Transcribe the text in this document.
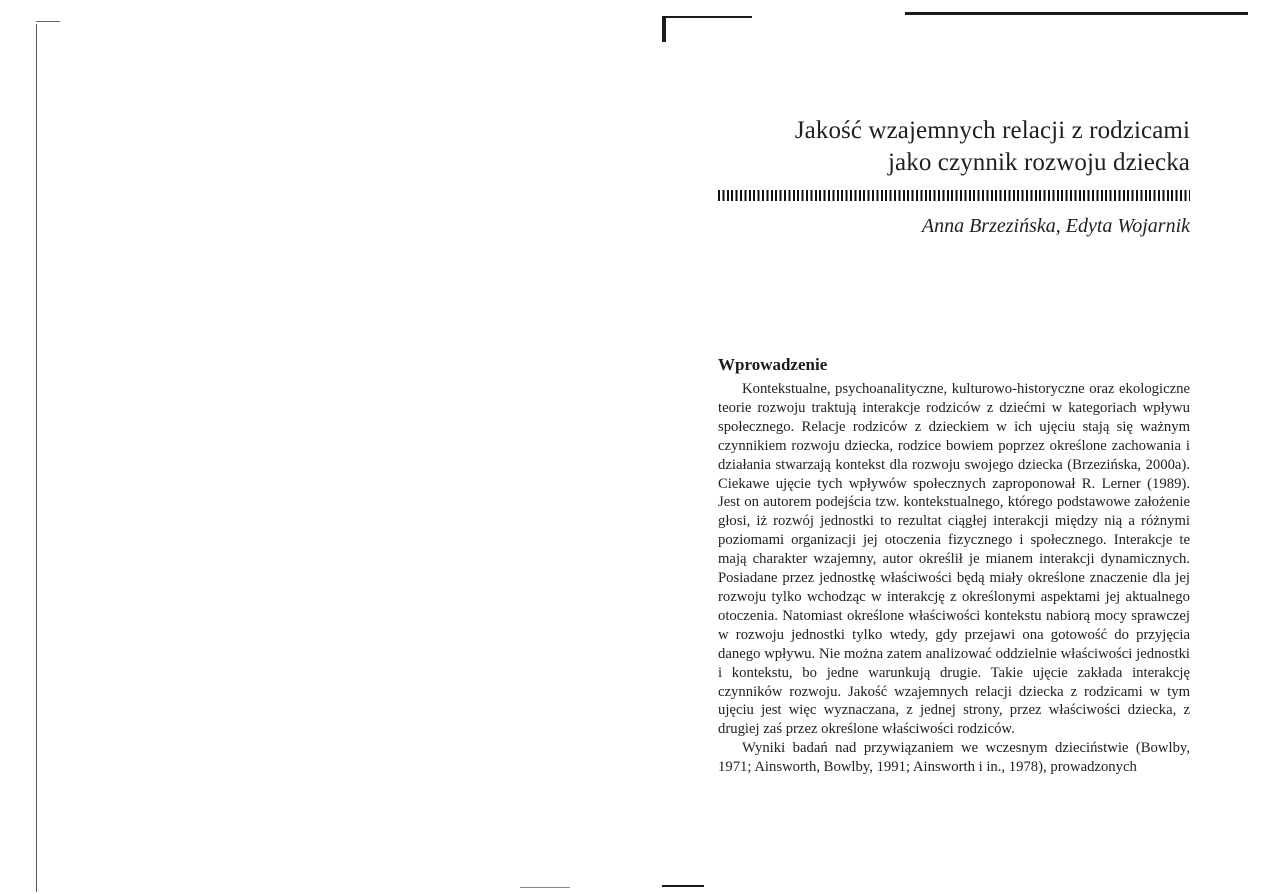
Jakość wzajemnych relacji z rodzicami
jako czynnik rozwoju dziecka
Anna Brzezińska, Edyta Wojarnik
Wprowadzenie

Kontekstualne, psychoanalityczne, kulturowo-historyczne oraz ekologiczne teorie rozwoju traktują interakcje rodziców z dziećmi w kategoriach wpływu społecznego. Relacje rodziców z dzieckiem w ich ujęciu stają się ważnym czynnikiem rozwoju dziecka, rodzice bowiem poprzez określone zachowania i działania stwarzają kontekst dla rozwoju swojego dziecka (Brzezińska, 2000a). Ciekawe ujęcie tych wpływów społecznych zaproponował R. Lerner (1989). Jest on autorem podejścia tzw. kontekstualnego, którego podstawowe założenie głosi, iż rozwój jednostki to rezultat ciągłej interakcji między nią a różnymi poziomami organizacji jej otoczenia fizycznego i społecznego. Interakcje te mają charakter wzajemny, autor określił je mianem interakcji dynamicznych. Posiadane przez jednostkę właściwości będą miały określone znaczenie dla jej rozwoju tylko wchodząc w interakcję z określonymi aspektami jej aktualnego otoczenia. Natomiast określone właściwości kontekstu nabiorą mocy sprawczej w rozwoju jednostki tylko wtedy, gdy przejawi ona gotowość do przyjęcia danego wpływu. Nie można zatem analizować oddzielnie właściwości jednostki i kontekstu, bo jedne warunkują drugie. Takie ujęcie zakłada interakcję czynników rozwoju. Jakość wzajemnych relacji dziecka z rodzicami w tym ujęciu jest więc wyznaczana, z jednej strony, przez właściwości dziecka, z drugiej zaś przez określone właściwości rodziców.

Wyniki badań nad przywiązaniem we wczesnym dzieciństwie (Bowlby, 1971; Ainsworth, Bowlby, 1991; Ainsworth i in., 1978), prowadzonych
